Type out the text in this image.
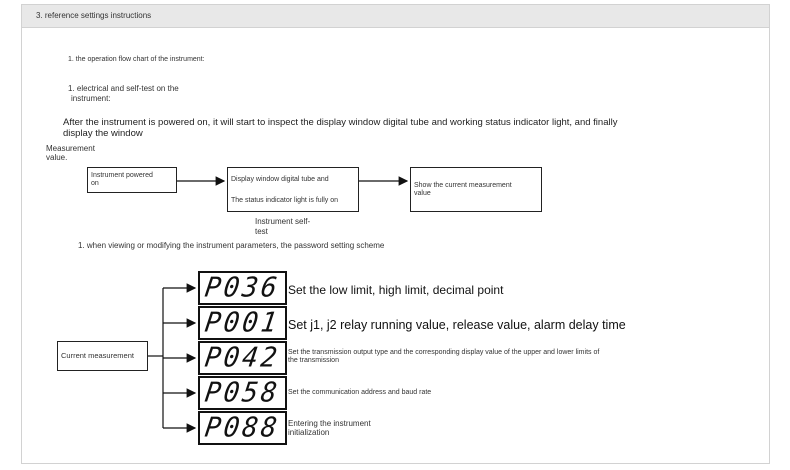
3. reference settings instructions
1. the operation flow chart of the instrument:
1. electrical and self-test on the
instrument:
After the instrument is powered on, it will start to inspect the display window digital tube and working status indicator light, and finally
display the window
Measurement
value.
Instrument powered
on
Display window digital tube and
The status indicator light is fully on
Show the current measurement
value
Instrument self-
test
1. when viewing or modifying the instrument parameters, the password setting scheme
Current measurement
P036
P001
P042
P058
P088
Set the low limit, high limit, decimal point
Set j1, j2 relay running value, release value, alarm delay time
Set the transmission output type and the corresponding display value of the upper and lower limits of
the transmission
Set the communication address and baud rate
Entering the instrument
initialization
